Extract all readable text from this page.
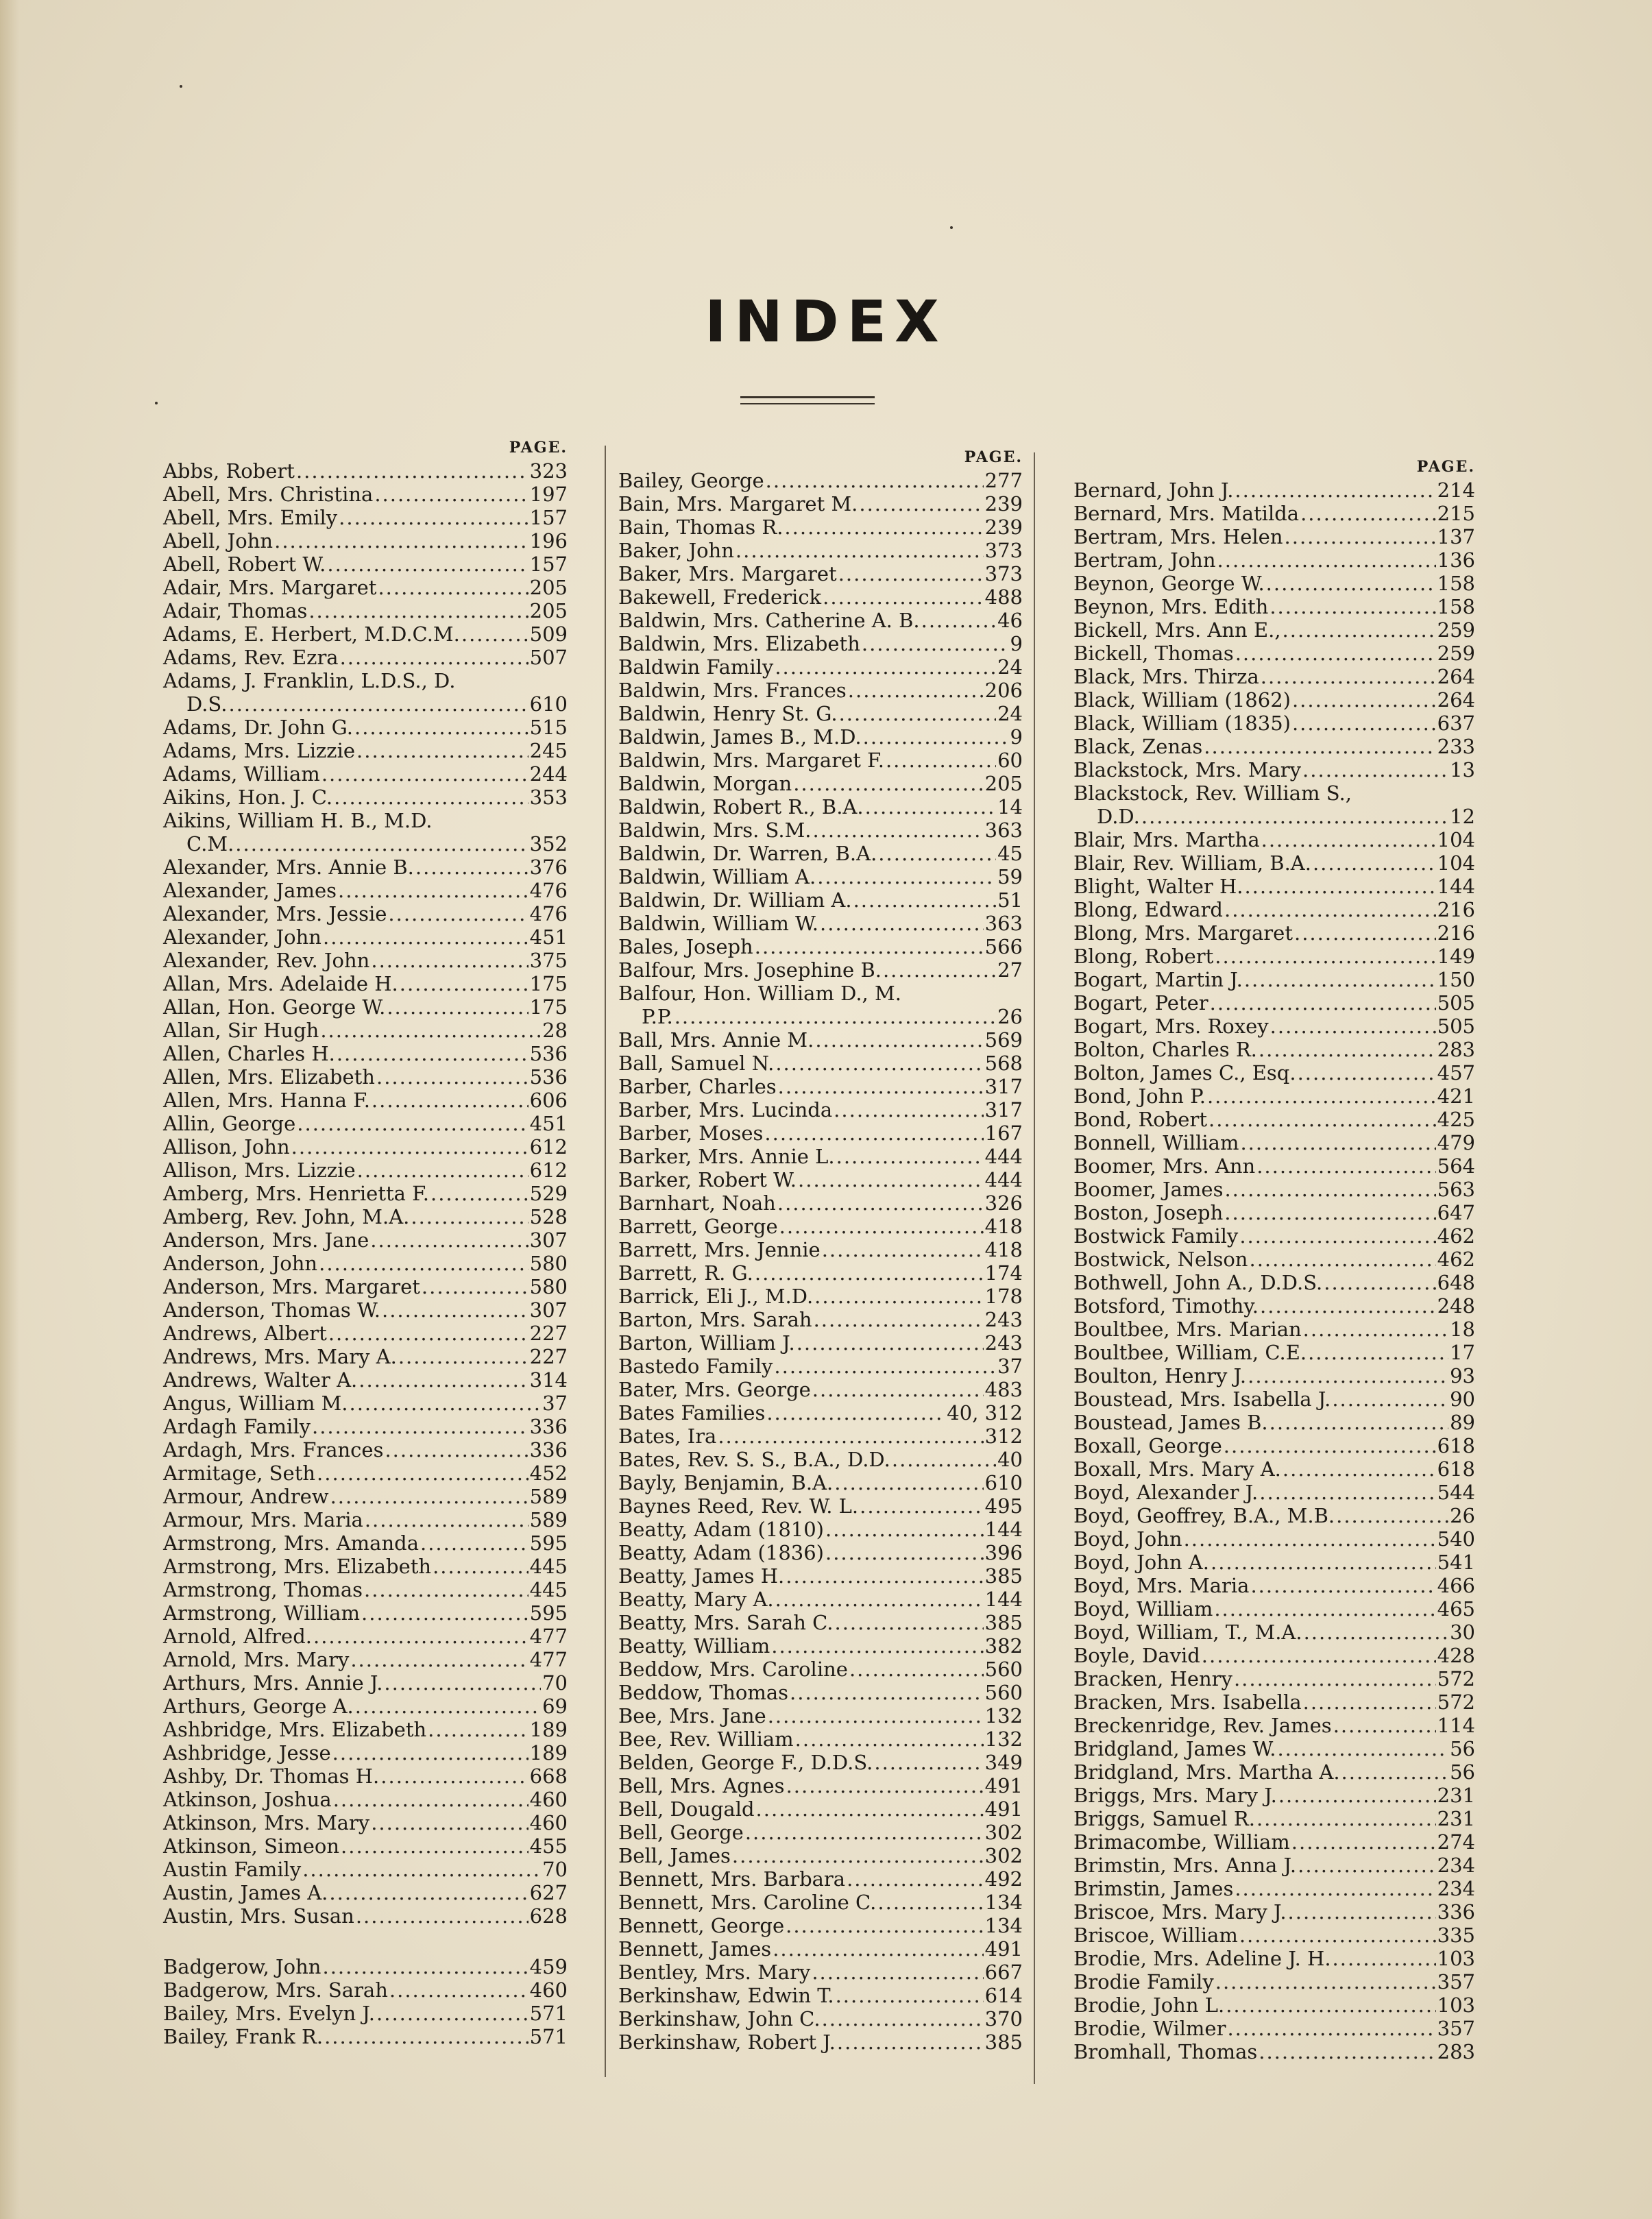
INDEX
PAGE.
Abbs, Robert .....	323
Abell, Mrs. Christina .....	197
Abell, Mrs. Emily .....	157
Abell, John .....	196
Abell, Robert W. .....	157
Adair, Mrs. Margaret .....	205
Adair, Thomas .....	205
Adams, E. Herbert, M.D.C.M. .....	509
Adams, Rev. Ezra .....	507
Adams, J. Franklin, L.D.S., D.
D.S. .....	610
Adams, Dr. John G. .....	515
Adams, Mrs. Lizzie .....	245
Adams, William .....	244
Aikins, Hon. J. C. .....	353
Aikins, William H. B., M.D.
C.M. .....	352
Alexander, Mrs. Annie B. .....	376
Alexander, James .....	476
Alexander, Mrs. Jessie .....	476
Alexander, John .....	451
Alexander, Rev. John .....	375
Allan, Mrs. Adelaide H. .....	175
Allan, Hon. George W. .....	175
Allan, Sir Hugh .....	28
Allen, Charles H. .....	536
Allen, Mrs. Elizabeth .....	536
Allen, Mrs. Hanna F. .....	606
Allin, George .....	451
Allison, John .....	612
Allison, Mrs. Lizzie .....	612
Amberg, Mrs. Henrietta F. .....	529
Amberg, Rev. John, M.A. .....	528
Anderson, Mrs. Jane .....	307
Anderson, John .....	580
Anderson, Mrs. Margaret .....	580
Anderson, Thomas W. .....	307
Andrews, Albert .....	227
Andrews, Mrs. Mary A. .....	227
Andrews, Walter A. .....	314
Angus, William M. .....	37
Ardagh Family .....	336
Ardagh, Mrs. Frances .....	336
Armitage, Seth .....	452
Armour, Andrew .....	589
Armour, Mrs. Maria .....	589
Armstrong, Mrs. Amanda .....	595
Armstrong, Mrs. Elizabeth .....	445
Armstrong, Thomas .....	445
Armstrong, William .....	595
Arnold, Alfred. .....	477
Arnold, Mrs. Mary .....	477
Arthurs, Mrs. Annie J. .....	70
Arthurs, George A. .....	69
Ashbridge, Mrs. Elizabeth .....	189
Ashbridge, Jesse .....	189
Ashby, Dr. Thomas H. .....	668
Atkinson, Joshua .....	460
Atkinson, Mrs. Mary .....	460
Atkinson, Simeon .....	455
Austin Family .....	70
Austin, James A. .....	627
Austin, Mrs. Susan .....	628
Badgerow, John .....	459
Badgerow, Mrs. Sarah .....	460
Bailey, Mrs. Evelyn J. .....	571
Bailey, Frank R. .....	571
PAGE.
Bailey, George .....	277
Bain, Mrs. Margaret M. .....	239
Bain, Thomas R. .....	239
Baker, John .....	373
Baker, Mrs. Margaret .....	373
Bakewell, Frederick .....	488
Baldwin, Mrs. Catherine A. B. .....	46
Baldwin, Mrs. Elizabeth .....	9
Baldwin Family .....	24
Baldwin, Mrs. Frances .....	206
Baldwin, Henry St. G. .....	24
Baldwin, James B., M.D. .....	9
Baldwin, Mrs. Margaret F. .....	60
Baldwin, Morgan .....	205
Baldwin, Robert R., B.A. .....	14
Baldwin, Mrs. S.M. .....	363
Baldwin, Dr. Warren, B.A. .....	45
Baldwin, William A. .....	59
Baldwin, Dr. William A. .....	51
Baldwin, William W. .....	363
Bales, Joseph .....	566
Balfour, Mrs. Josephine B. .....	27
Balfour, Hon. William D., M.
P.P. .....	26
Ball, Mrs. Annie M. .....	569
Ball, Samuel N. .....	568
Barber, Charles .....	317
Barber, Mrs. Lucinda .....	317
Barber, Moses .....	167
Barker, Mrs. Annie L. .....	444
Barker, Robert W. .....	444
Barnhart, Noah .....	326
Barrett, George .....	418
Barrett, Mrs. Jennie .....	418
Barrett, R. G. .....	174
Barrick, Eli J., M.D. .....	178
Barton, Mrs. Sarah .....	243
Barton, William J. .....	243
Bastedo Family .....	37
Bater, Mrs. George .....	483
Bates Families .....	40, 312
Bates, Ira .....	312
Bates, Rev. S. S., B.A., D.D. .....	40
Bayly, Benjamin, B.A. .....	610
Baynes Reed, Rev. W. L. .....	495
Beatty, Adam (1810) .....	144
Beatty, Adam (1836) .....	396
Beatty, James H. .....	385
Beatty, Mary A. .....	144
Beatty, Mrs. Sarah C. .....	385
Beatty, William .....	382
Beddow, Mrs. Caroline .....	560
Beddow, Thomas .....	560
Bee, Mrs. Jane .....	132
Bee, Rev. William .....	132
Belden, George F., D.D.S. .....	349
Bell, Mrs. Agnes .....	491
Bell, Dougald .....	491
Bell, George .....	302
Bell, James .....	302
Bennett, Mrs. Barbara .....	492
Bennett, Mrs. Caroline C. .....	134
Bennett, George .....	134
Bennett, James .....	491
Bentley, Mrs. Mary .....	667
Berkinshaw, Edwin T. .....	614
Berkinshaw, John C. .....	370
Berkinshaw, Robert J. .....	385
PAGE.
Bernard, John J. .....	214
Bernard, Mrs. Matilda .....	215
Bertram, Mrs. Helen .....	137
Bertram, John .....	136
Beynon, George W. .....	158
Beynon, Mrs. Edith .....	158
Bickell, Mrs. Ann E., .....	259
Bickell, Thomas .....	259
Black, Mrs. Thirza .....	264
Black, William (1862) .....	264
Black, William (1835) .....	637
Black, Zenas .....	233
Blackstock, Mrs. Mary .....	13
Blackstock, Rev. William S.,
D.D. .....	12
Blair, Mrs. Martha .....	104
Blair, Rev. William, B.A. .....	104
Blight, Walter H. .....	144
Blong, Edward .....	216
Blong, Mrs. Margaret .....	216
Blong, Robert .....	149
Bogart, Martin J. .....	150
Bogart, Peter .....	505
Bogart, Mrs. Roxey .....	505
Bolton, Charles R. .....	283
Bolton, James C., Esq. .....	457
Bond, John P. .....	421
Bond, Robert .....	425
Bonnell, William .....	479
Boomer, Mrs. Ann .....	564
Boomer, James .....	563
Boston, Joseph .....	647
Bostwick Family .....	462
Bostwick, Nelson .....	462
Bothwell, John A., D.D.S. .....	648
Botsford, Timothy. .....	248
Boultbee, Mrs. Marian .....	18
Boultbee, William, C.E. .....	17
Boulton, Henry J. .....	93
Boustead, Mrs. Isabella J. .....	90
Boustead, James B. .....	89
Boxall, George .....	618
Boxall, Mrs. Mary A. .....	618
Boyd, Alexander J. .....	544
Boyd, Geoffrey, B.A., M.B. .....	26
Boyd, John .....	540
Boyd, John A. .....	541
Boyd, Mrs. Maria .....	466
Boyd, William .....	465
Boyd, William, T., M.A. .....	30
Boyle, David .....	428
Bracken, Henry .....	572
Bracken, Mrs. Isabella .....	572
Breckenridge, Rev. James .....	114
Bridgland, James W. .....	56
Bridgland, Mrs. Martha A. .....	56
Briggs, Mrs. Mary J. .....	231
Briggs, Samuel R. .....	231
Brimacombe, William .....	274
Brimstin, Mrs. Anna J. .....	234
Brimstin, James .....	234
Briscoe, Mrs. Mary J. .....	336
Briscoe, William .....	335
Brodie, Mrs. Adeline J. H. .....	103
Brodie Family .....	357
Brodie, John L. .....	103
Brodie, Wilmer .....	357
Bromhall, Thomas .....	283
